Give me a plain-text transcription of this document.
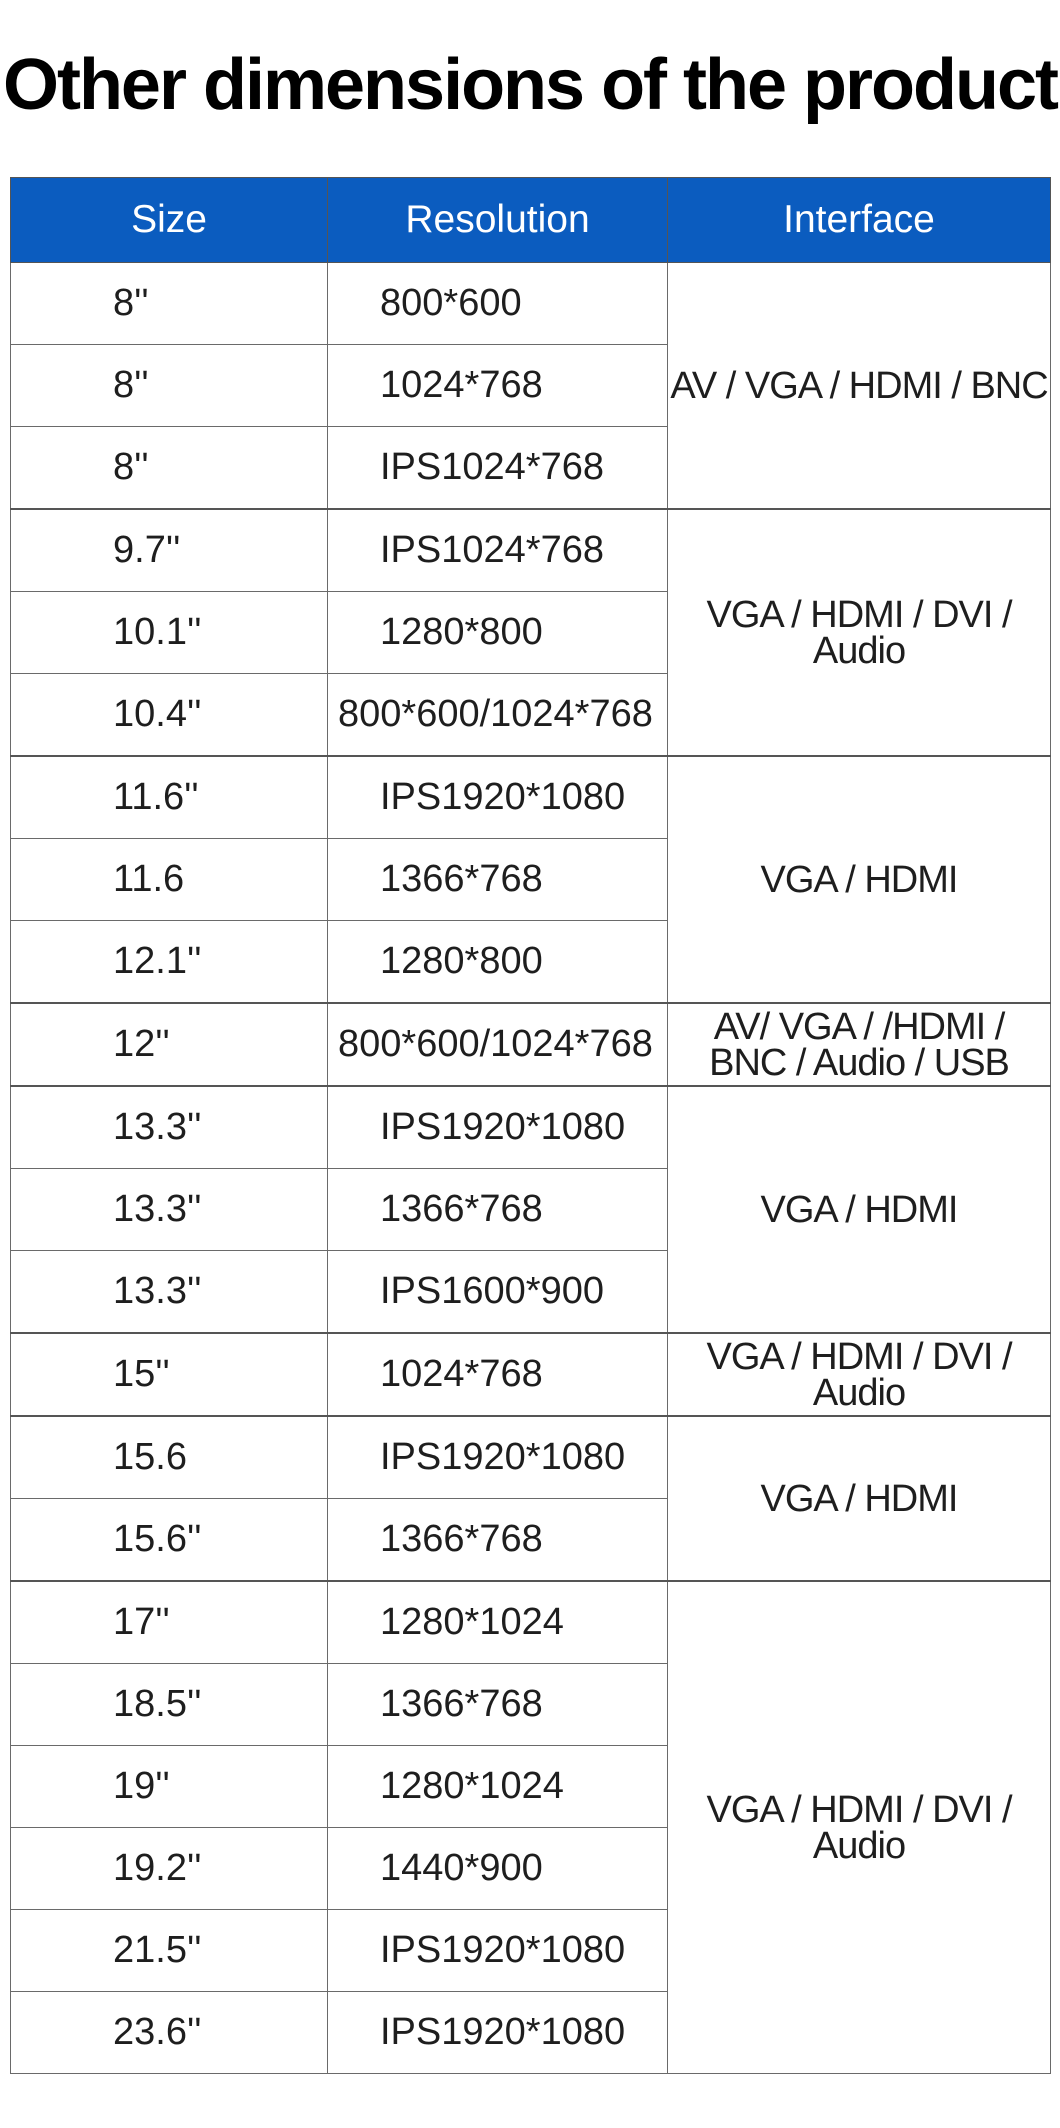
Other dimensions of the product
Size	Resolution	Interface
8''	800*600	AV / VGA / HDMI / BNC

8''	1024*768	
8''	IPS1024*768	
9.7''	IPS1024*768	VGA / HDMI / DVI / Audio

10.1''	1280*800	
10.4''	800*600/1024*768	
11.6''	IPS1920*1080	VGA / HDMI

11.6	1366*768	
12.1''	1280*800	
12''	800*600/1024*768	AV/ VGA / /HDMI /
BNC / Audio / USB

13.3''	IPS1920*1080	VGA / HDMI

13.3''	1366*768	
13.3''	IPS1600*900	
15''	1024*768	VGA / HDMI / DVI / Audio

15.6	IPS1920*1080	VGA / HDMI

15.6''	1366*768	
17''	1280*1024	VGA / HDMI / DVI / Audio

18.5''	1366*768	
19''	1280*1024	
19.2''	1440*900	
21.5''	IPS1920*1080	
23.6''	IPS1920*1080	
